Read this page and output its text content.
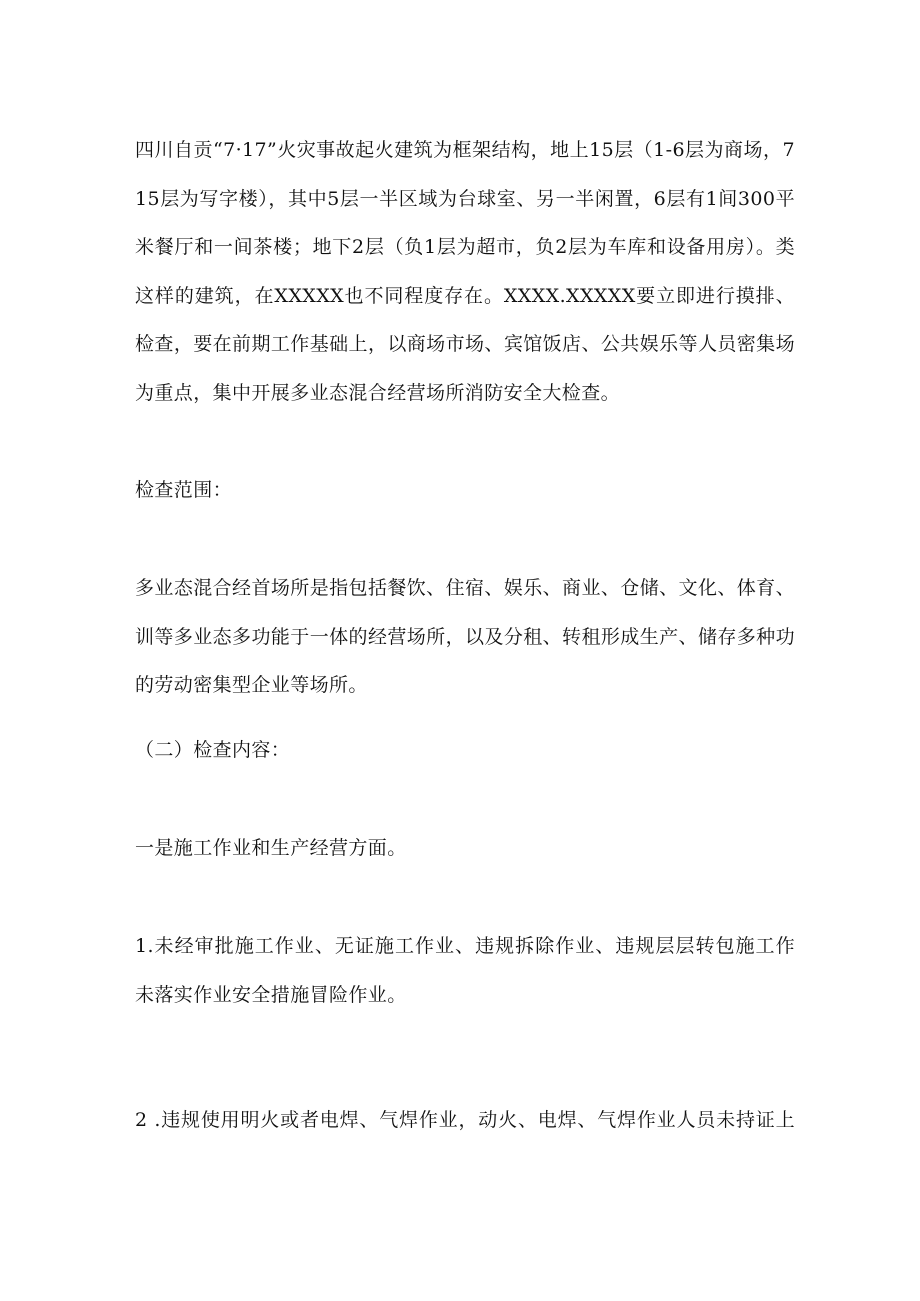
四川自贡“7·17”火灾事故起火建筑为框架结构，地上15层（1-6层为商场，7
15层为写字楼），其中5层一半区域为台球室、另一半闲置，6层有1间300平
米餐厅和一间茶楼；地下2层（负1层为超市，负2层为车库和设备用房）。类
这样的建筑，在XXXXX也不同程度存在。XXXX.XXXXX要立即进行摸排、
检查，要在前期工作基础上，以商场市场、宾馆饭店、公共娱乐等人员密集场
为重点，集中开展多业态混合经营场所消防安全大检查。
检查范围：
多业态混合经首场所是指包括餐饮、住宿、娱乐、商业、仓储、文化、体育、
训等多业态多功能于一体的经营场所，以及分租、转租形成生产、储存多种功
的劳动密集型企业等场所。
（二）检查内容：
一是施工作业和生产经营方面。
1.未经审批施工作业、无证施工作业、违规拆除作业、违规层层转包施工作
未落实作业安全措施冒险作业。
2 .违规使用明火或者电焊、气焊作业，动火、电焊、气焊作业人员未持证上
